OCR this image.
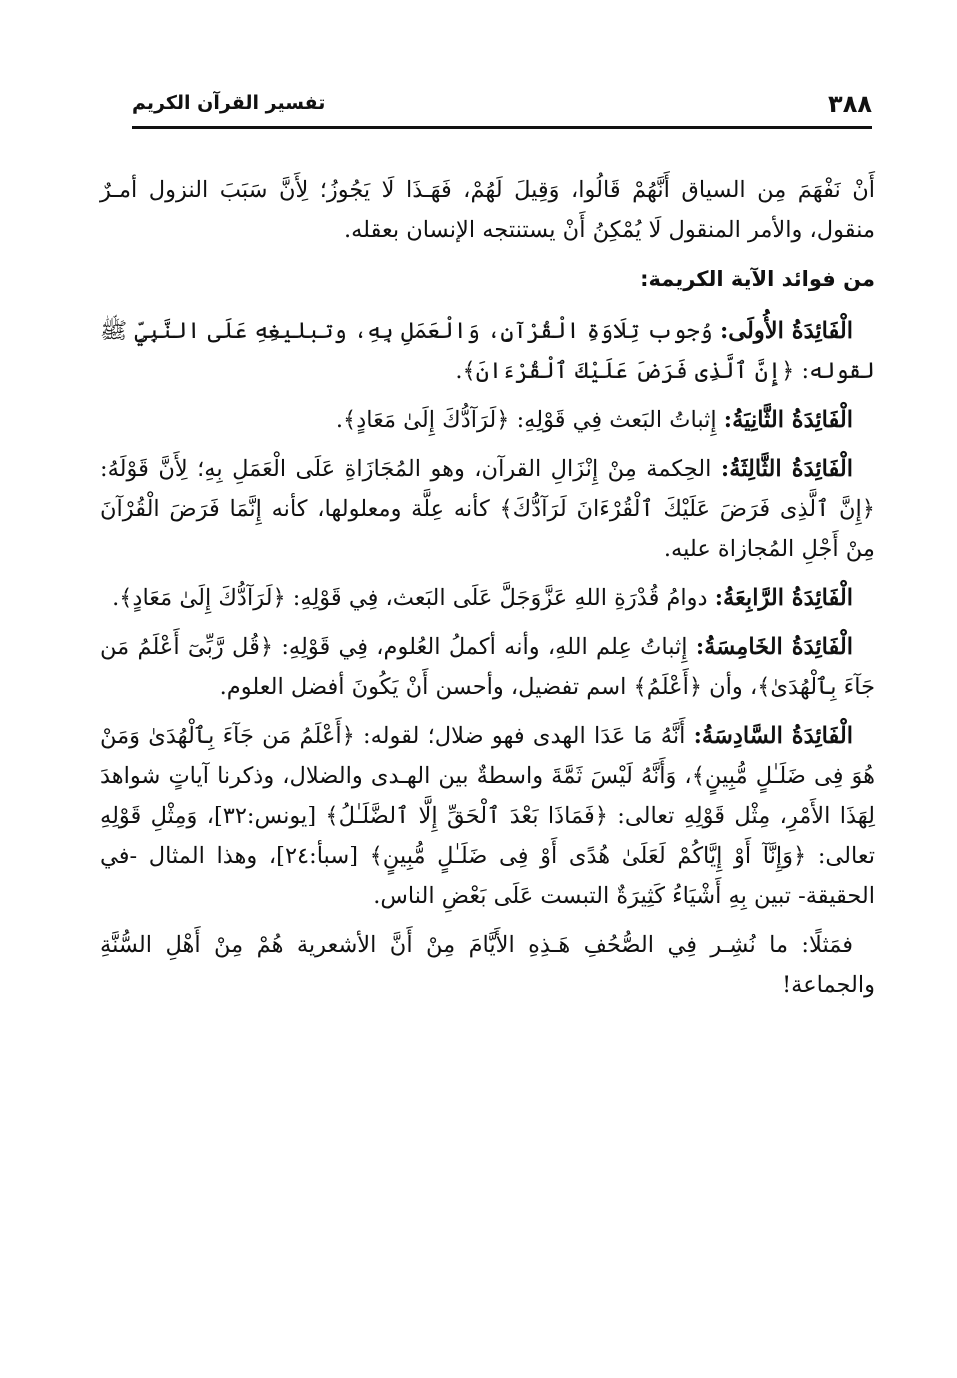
٣٨٨
تفسير القرآن الكريم

أَنْ نَفْهَمَ مِن السياق أَنَّهُمْ قَالُوا، وَقِيلَ لَهُمْ، فَهَـذَا لَا يَجُوزُ؛ لِأَنَّ سَبَبَ النزول أمـرٌ منقول، والأمر المنقول لَا يُمْكِنُ أَنْ يستنتجه الإنسان بعقله.

من فوائد الآية الكريمة:

الْفَائِدَةُ الأُولَى: وُجوب تِلَاوَةِ الْقُرْآنِ، وَالْعَمَلِ بِهِ، وتبليغِهِ عَلَى النَّبِيِّ ﷺ لقوله: ﴿إِنَّ ٱلَّذِى فَرَضَ عَلَيْكَ ٱلْقُرْءَانَ﴾.

الْفَائِدَةُ الثَّانِيَةُ: إِثباتُ البَعث فِي قَوْلِهِ: ﴿لَرَآدُّكَ إِلَىٰ مَعَادٍ﴾.

الْفَائِدَةُ الثَّالِثَةُ: الحِكمة مِنْ إِنْزَالِ القرآن، وهو المُجَازَاةِ عَلَى الْعَمَلِ بِهِ؛ لِأَنَّ قَوْلَهُ: ﴿إِنَّ ٱلَّذِى فَرَضَ عَلَيْكَ ٱلْقُرْءَانَ لَرَآدُّكَ﴾ كأنه عِلَّة ومعلولها، كأنه إِنَّمَا فَرَضَ الْقُرْآنَ مِنْ أَجْلِ المُجازاة عليه.

الْفَائِدَةُ الرَّابِعَةُ: دوامُ قُدْرَةِ اللهِ عَزَّوَجَلَّ عَلَى البَعث، فِي قَوْلِهِ: ﴿لَرَآدُّكَ إِلَىٰ مَعَادٍ﴾.

الْفَائِدَةُ الخَامِسَةُ: إِثباتُ عِلم اللهِ، وأنه أكملُ العُلوم، فِي قَوْلِهِ: ﴿قُل رَّبِّىٓ أَعْلَمُ مَن جَآءَ بِٱلْهُدَىٰ﴾، وأن ﴿أَعْلَمُ﴾ اسم تفضيل، وأحسن أَنْ يَكُونَ أفضل العلوم.

الْفَائِدَةُ السَّادِسَةُ: أَنَّهُ مَا عَدَا الهدى فهو ضلال؛ لقوله: ﴿أَعْلَمُ مَن جَآءَ بِٱلْهُدَىٰ وَمَنْ هُوَ فِى ضَلَـٰلٍ مُّبِينٍ﴾، وَأَنَّهُ لَيْسَ ثَمَّةَ واسطةٌ بين الهـدى والضلال، وذكرنا آياتٍ شواهدَ لِهَذَا الأَمْرِ، مِثْل قَوْلِهِ تعالى: ﴿فَمَاذَا بَعْدَ ٱلْحَقِّ إِلَّا ٱلضَّلَـٰلُ﴾ [يونس:٣٢]، وَمِثْلِ قَوْلِهِ تعالى: ﴿وَإِنَّآ أَوْ إِيَّاكُمْ لَعَلَىٰ هُدًى أَوْ فِى ضَلَـٰلٍ مُّبِينٍ﴾ [سبأ:٢٤]، وهذا المثال -في الحقيقة- تبين بِهِ أَشْيَاءُ كَثِيرَةٌ التبست عَلَى بَعْضِ الناس.

فمَثلًا: ما نُشِـر فِي الصُّحُفِ هَـذِهِ الأَيَّامَ مِنْ أَنَّ الأشعرية هُمْ مِنْ أَهْلِ السُّنَّةِ والجماعة!
